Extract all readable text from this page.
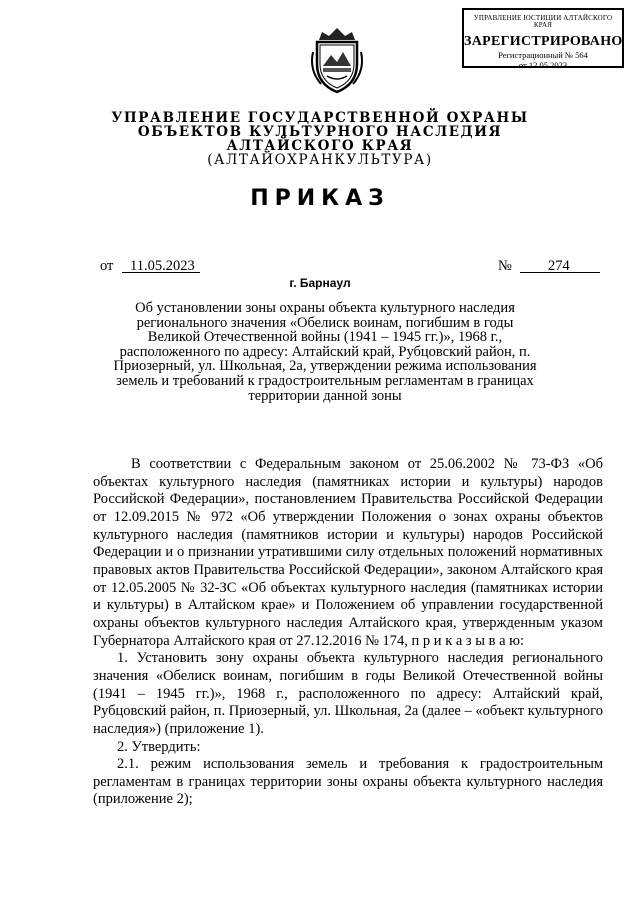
УПРАВЛЕНИЕ ЮСТИЦИИ АЛТАЙСКОГО КРАЯ
ЗАРЕГИСТРИРОВАНО
Регистрационный № 564
от 12.05.2023
УПРАВЛЕНИЕ ГОСУДАРСТВЕННОЙ ОХРАНЫ
ОБЪЕКТОВ КУЛЬТУРНОГО НАСЛЕДИЯ
АЛТАЙСКОГО КРАЯ
(АЛТАЙОХРАНКУЛЬТУРА)
ПРИКАЗ
от 11.05.2023	№ 274
г. Барнаул
Об установлении зоны охраны объекта культурного наследия регионального значения «Обелиск воинам, погибшим в годы Великой Отечественной войны (1941 – 1945 гг.)», 1968 г., расположенного по адресу: Алтайский край, Рубцовский район, п. Приозерный, ул. Школьная, 2а, утверждении режима использования земель и требований к градостроительным регламентам в границах территории данной зоны

В соответствии с Федеральным законом от 25.06.2002 № 73-ФЗ «Об объектах культурного наследия (памятниках истории и культуры) народов Российской Федерации», постановлением Правительства Российской Федерации от 12.09.2015 № 972 «Об утверждении Положения о зонах охраны объектов культурного наследия (памятников истории и культуры) народов Российской Федерации и о признании утратившими силу отдельных положений нормативных правовых актов Правительства Российской Федерации», законом Алтайского края от 12.05.2005 № 32-ЗС «Об объектах культурного наследия (памятниках истории и культуры) в Алтайском крае» и Положением об управлении государственной охраны объектов культурного наследия Алтайского края, утвержденным указом Губернатора Алтайского края от 27.12.2016 № 174, п р и к а з ы в а ю:

1. Установить зону охраны объекта культурного наследия регионального значения «Обелиск воинам, погибшим в годы Великой Отечественной войны (1941 – 1945 гг.)», 1968 г., расположенного по адресу: Алтайский край, Рубцовский район, п. Приозерный, ул. Школьная, 2а (далее – «объект культурного наследия») (приложение 1).

2. Утвердить:

2.1. режим использования земель и требования к градостроительным регламентам в границах территории зоны охраны объекта культурного наследия (приложение 2);
